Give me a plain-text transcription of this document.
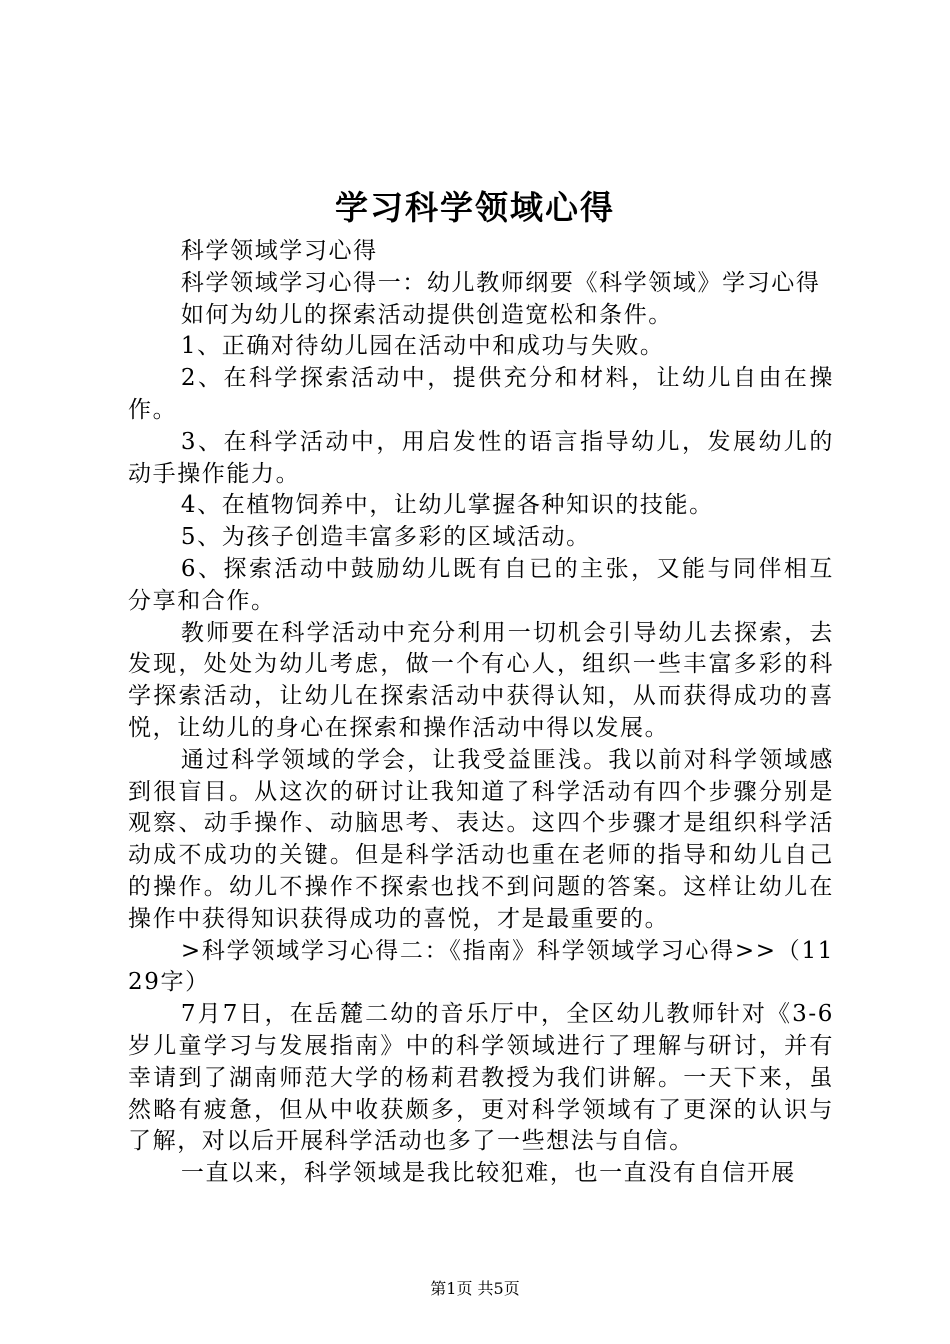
学习科学领域心得

科学领域学习心得

科学领域学习心得一：幼儿教师纲要《科学领域》学习心得

如何为幼儿的探索活动提供创造宽松和条件。

1、正确对待幼儿园在活动中和成功与失败。

2、在科学探索活动中，提供充分和材料，让幼儿自由在操作。

3、在科学活动中，用启发性的语言指导幼儿，发展幼儿的动手操作能力。

4、在植物饲养中，让幼儿掌握各种知识的技能。

5、为孩子创造丰富多彩的区域活动。

6、探索活动中鼓励幼儿既有自已的主张，又能与同伴相互分享和合作。

教师要在科学活动中充分利用一切机会引导幼儿去探索，去发现，处处为幼儿考虑，做一个有心人，组织一些丰富多彩的科学探索活动，让幼儿在探索活动中获得认知，从而获得成功的喜悦，让幼儿的身心在探索和操作活动中得以发展。

通过科学领域的学会，让我受益匪浅。我以前对科学领域感到很盲目。从这次的研讨让我知道了科学活动有四个步骤分别是观察、动手操作、动脑思考、表达。这四个步骤才是组织科学活动成不成功的关键。但是科学活动也重在老师的指导和幼儿自己的操作。幼儿不操作不探索也找不到问题的答案。这样让幼儿在操作中获得知识获得成功的喜悦，才是最重要的。

>科学领域学习心得二：《指南》科学领域学习心得>>（1129字）

7月7日，在岳麓二幼的音乐厅中，全区幼儿教师针对《3-6岁儿童学习与发展指南》中的科学领域进行了理解与研讨，并有幸请到了湖南师范大学的杨莉君教授为我们讲解。一天下来，虽然略有疲惫，但从中收获颇多，更对科学领域有了更深的认识与了解，对以后开展科学活动也多了一些想法与自信。

一直以来，科学领域是我比较犯难，也一直没有自信开展

第1页 共5页
